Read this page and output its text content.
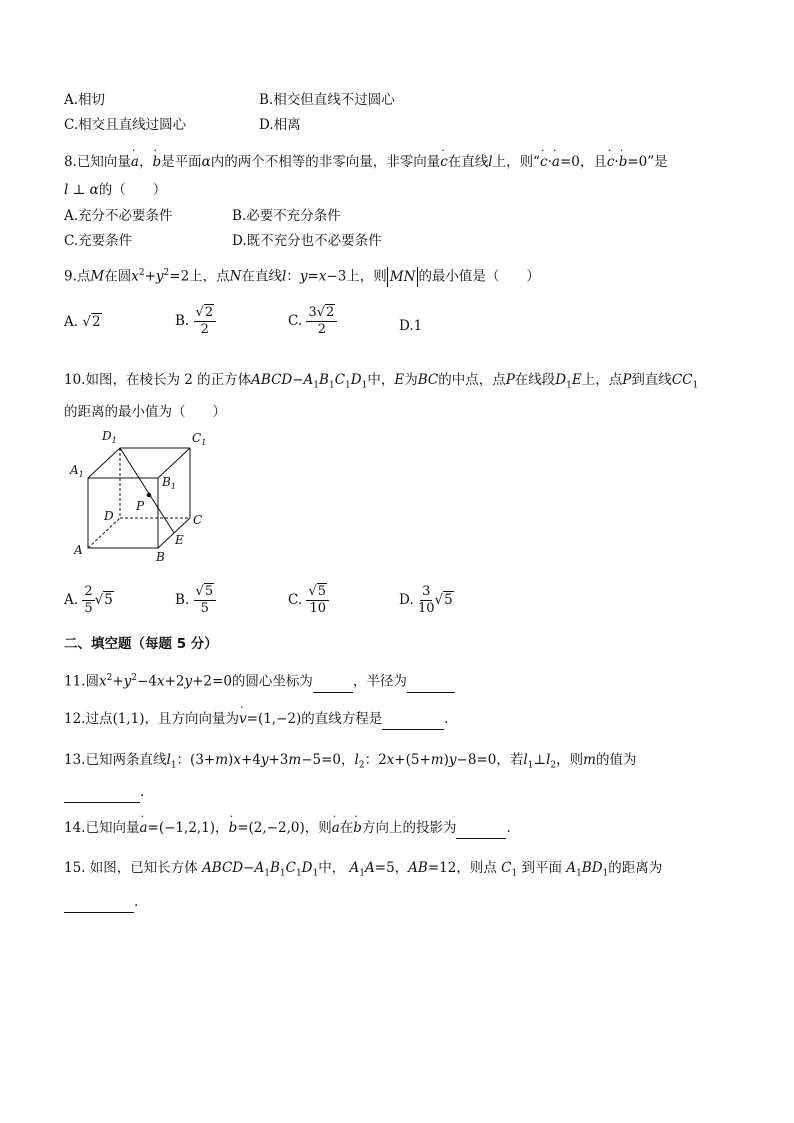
A.相切	B.相交但直线不过圆心
C.相交且直线过圆心	D.相离
8.已知向量· a，· b是平面α内的两个不相等的非零向量，非零向量· c在直线l上，则“· c·· a=0，且· c·· b=0”是
l ⊥ α的（　　）
A.充分不必要条件	B.必要不充分条件
C.充要条件	D.既不充分也不必要条件
9.点M在圆$x^2+y^2=2$上，点N在直线l：y=x−3上，则 MN 的最小值是（　　）
A. √2	B. $\frac{√2}{2}$	C. $\frac{3√2}{2}$	D.1
10.如图，在棱长为 2 的正方体$ABCD-A_1B_1C_1D_1$中，E为BC的中点，点P在线段$D_1E$上，点P到直线$CC_1$
的距离的最小值为（　　）
$D_1$	$C_1$
$A_1$
$B_1$
D
P
C
A
E
B
A. $\frac{2}{5} √5$	B. $\frac{√5}{5}$	C. $\frac{√5}{10}$	D. $\frac{3}{10} √5$
二、填空题（每题 5 分）
11.圆$x^2+y^2-4x+2y+2=0$的圆心坐标为	，半径为
12.过点(1,1)，且方向向量为· v=(1,−2)的直线方程是	.
13.已知两条直线$l_1$：(3+m)x+4y+3m−5=0，$l_2$：2x+(5+m)y−8=0，若$l_1\perp l_2$，则m的值为
.
14.已知向量· a=(−1,2,1)，· b=(2,−2,0)，则· a在· b方向上的投影为	.
15. 如图，已知长方体 $ABCD-A_1B_1C_1D_1$中， $A_1A=5$，AB=12，则点 $C_1$ 到平面 $A_1BD_1$的距离为
.
